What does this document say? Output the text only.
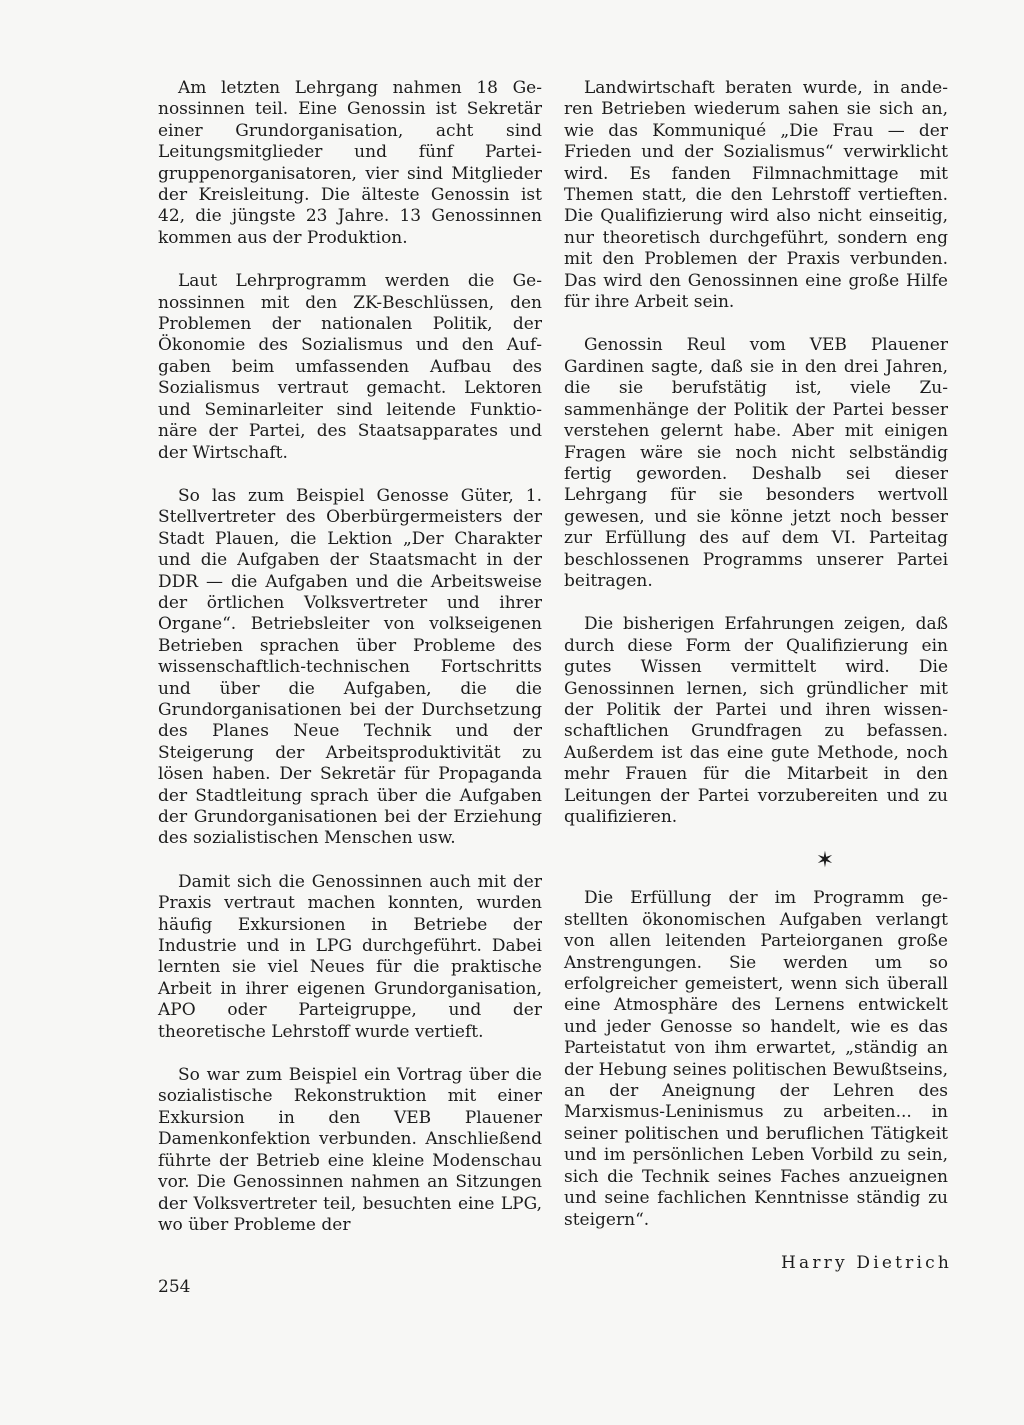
Am letzten Lehrgang nahmen 18 Genossinnen teil. Eine Genossin ist Sekretär einer Grundorganisation, acht sind Leitungsmitglieder und fünf Parteigruppenorganisatoren, vier sind Mitglieder der Kreisleitung. Die älteste Genossin ist 42, die jüngste 23 Jahre. 13 Genossinnen kommen aus der Produktion.

Laut Lehrprogramm werden die Genossinnen mit den ZK-Beschlüssen, den Problemen der nationalen Politik, der Ökonomie des Sozialismus und den Aufgaben beim umfassenden Aufbau des Sozialismus vertraut gemacht. Lektoren und Seminarleiter sind leitende Funktionäre der Partei, des Staatsapparates und der Wirtschaft.

So las zum Beispiel Genosse Güter, 1. Stellvertreter des Oberbürgermeisters der Stadt Plauen, die Lektion „Der Charakter und die Aufgaben der Staatsmacht in der DDR — die Aufgaben und die Arbeitsweise der örtlichen Volksvertreter und ihrer Organe“. Betriebsleiter von volkseigenen Betrieben sprachen über Probleme des wissenschaftlich-technischen Fortschritts und über die Aufgaben, die die Grundorganisationen bei der Durchsetzung des Planes Neue Technik und der Steigerung der Arbeitsproduktivität zu lösen haben. Der Sekretär für Propaganda der Stadtleitung sprach über die Aufgaben der Grundorganisationen bei der Erziehung des sozialistischen Menschen usw.

Damit sich die Genossinnen auch mit der Praxis vertraut machen konnten, wurden häufig Exkursionen in Betriebe der Industrie und in LPG durchgeführt. Dabei lernten sie viel Neues für die praktische Arbeit in ihrer eigenen Grundorganisation, APO oder Parteigruppe, und der theoretische Lehrstoff wurde vertieft.

So war zum Beispiel ein Vortrag über die sozialistische Rekonstruktion mit einer Exkursion in den VEB Plauener Damenkonfektion verbunden. Anschließend führte der Betrieb eine kleine Modenschau vor. Die Genossinnen nahmen an Sitzungen der Volksvertreter teil, besuchten eine LPG, wo über Probleme der

Landwirtschaft beraten wurde, in anderen Betrieben wiederum sahen sie sich an, wie das Kommuniqué „Die Frau — der Frieden und der Sozialismus“ verwirklicht wird. Es fanden Filmnachmittage mit Themen statt, die den Lehrstoff vertieften. Die Qualifizierung wird also nicht einseitig, nur theoretisch durchgeführt, sondern eng mit den Problemen der Praxis verbunden. Das wird den Genossinnen eine große Hilfe für ihre Arbeit sein.

Genossin Reul vom VEB Plauener Gardinen sagte, daß sie in den drei Jahren, die sie berufstätig ist, viele Zusammenhänge der Politik der Partei besser verstehen gelernt habe. Aber mit einigen Fragen wäre sie noch nicht selbständig fertig geworden. Deshalb sei dieser Lehrgang für sie besonders wertvoll gewesen, und sie könne jetzt noch besser zur Erfüllung des auf dem VI. Parteitag beschlossenen Programms unserer Partei beitragen.

Die bisherigen Erfahrungen zeigen, daß durch diese Form der Qualifizierung ein gutes Wissen vermittelt wird. Die Genossinnen lernen, sich gründlicher mit der Politik der Partei und ihren wissenschaftlichen Grundfragen zu befassen. Außerdem ist das eine gute Methode, noch mehr Frauen für die Mitarbeit in den Leitungen der Partei vorzubereiten und zu qualifizieren.

✶

Die Erfüllung der im Programm gestellten ökonomischen Aufgaben verlangt von allen leitenden Parteiorganen große Anstrengungen. Sie werden um so erfolgreicher gemeistert, wenn sich überall eine Atmosphäre des Lernens entwickelt und jeder Genosse so handelt, wie es das Parteistatut von ihm erwartet, „ständig an der Hebung seines politischen Bewußtseins, an der Aneignung der Lehren des Marxismus-Leninismus zu arbeiten... in seiner politischen und beruflichen Tätigkeit und im persönlichen Leben Vorbild zu sein, sich die Technik seines Faches anzueignen und seine fachlichen Kenntnisse ständig zu steigern“.

Harry Dietrich
254
